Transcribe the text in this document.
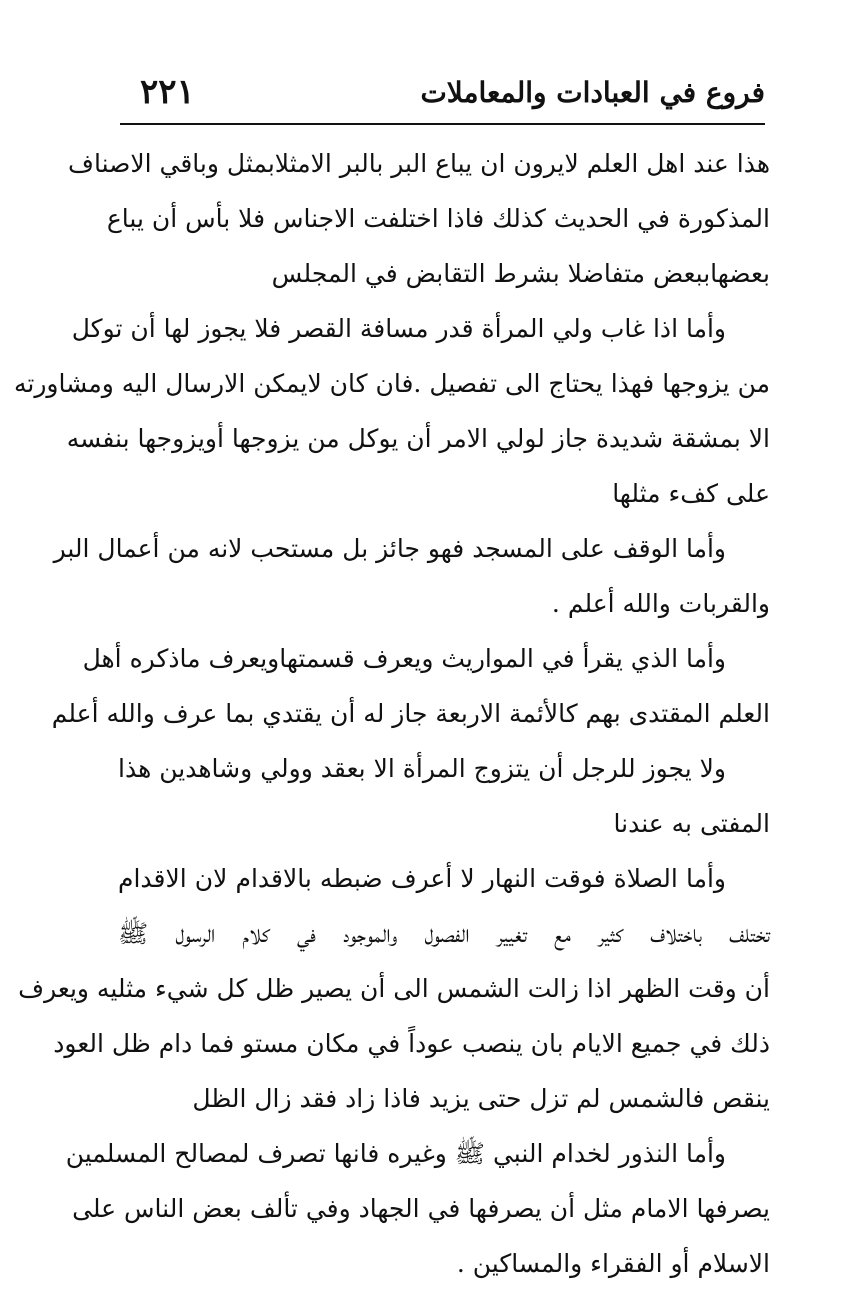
فروع في العبادات والمعاملات
٢٢١
هذا عند اهل العلم لايرون ان يباع البر بالبر الامثلابمثل وباقي الاصناف
المذكورة في الحديث كذلك فاذا اختلفت الاجناس فلا بأس أن يباع
بعضهاببعض متفاضلا بشرط التقابض في المجلس
وأما اذا غاب ولي المرأة قدر مسافة القصر فلا يجوز لها أن توكل
من يزوجها فهذا يحتاج الى تفصيل .فان كان لايمكن الارسال اليه ومشاورته
الا بمشقة شديدة جاز لولي الامر أن يوكل من يزوجها أويزوجها بنفسه
على كفء مثلها
وأما الوقف على المسجد فهو جائز بل مستحب لانه من أعمال البر
والقربات والله أعلم .
وأما الذي يقرأ في المواريث ويعرف قسمتهاويعرف ماذكره أهل
العلم المقتدى بهم كالأئمة الاربعة جاز له أن يقتدي بما عرف والله أعلم
ولا يجوز للرجل أن يتزوج المرأة الا بعقد وولي وشاهدين هذا
المفتى به عندنا
وأما الصلاة فوقت النهار لا أعرف ضبطه بالاقدام لان الاقدام
تختلف باختلاف كثير مع تغيير الفصول والموجود في كلام الرسول ﷺ
أن وقت الظهر اذا زالت الشمس الى أن يصير ظل كل شيء مثليه ويعرف
ذلك في جميع الايام بان ينصب عوداً في مكان مستو فما دام ظل العود
ينقص فالشمس لم تزل حتى يزيد فاذا زاد فقد زال الظل
وأما النذور لخدام النبي ﷺ وغيره فانها تصرف لمصالح المسلمين
يصرفها الامام مثل أن يصرفها في الجهاد وفي تألف بعض الناس على
الاسلام أو الفقراء والمساكين .
